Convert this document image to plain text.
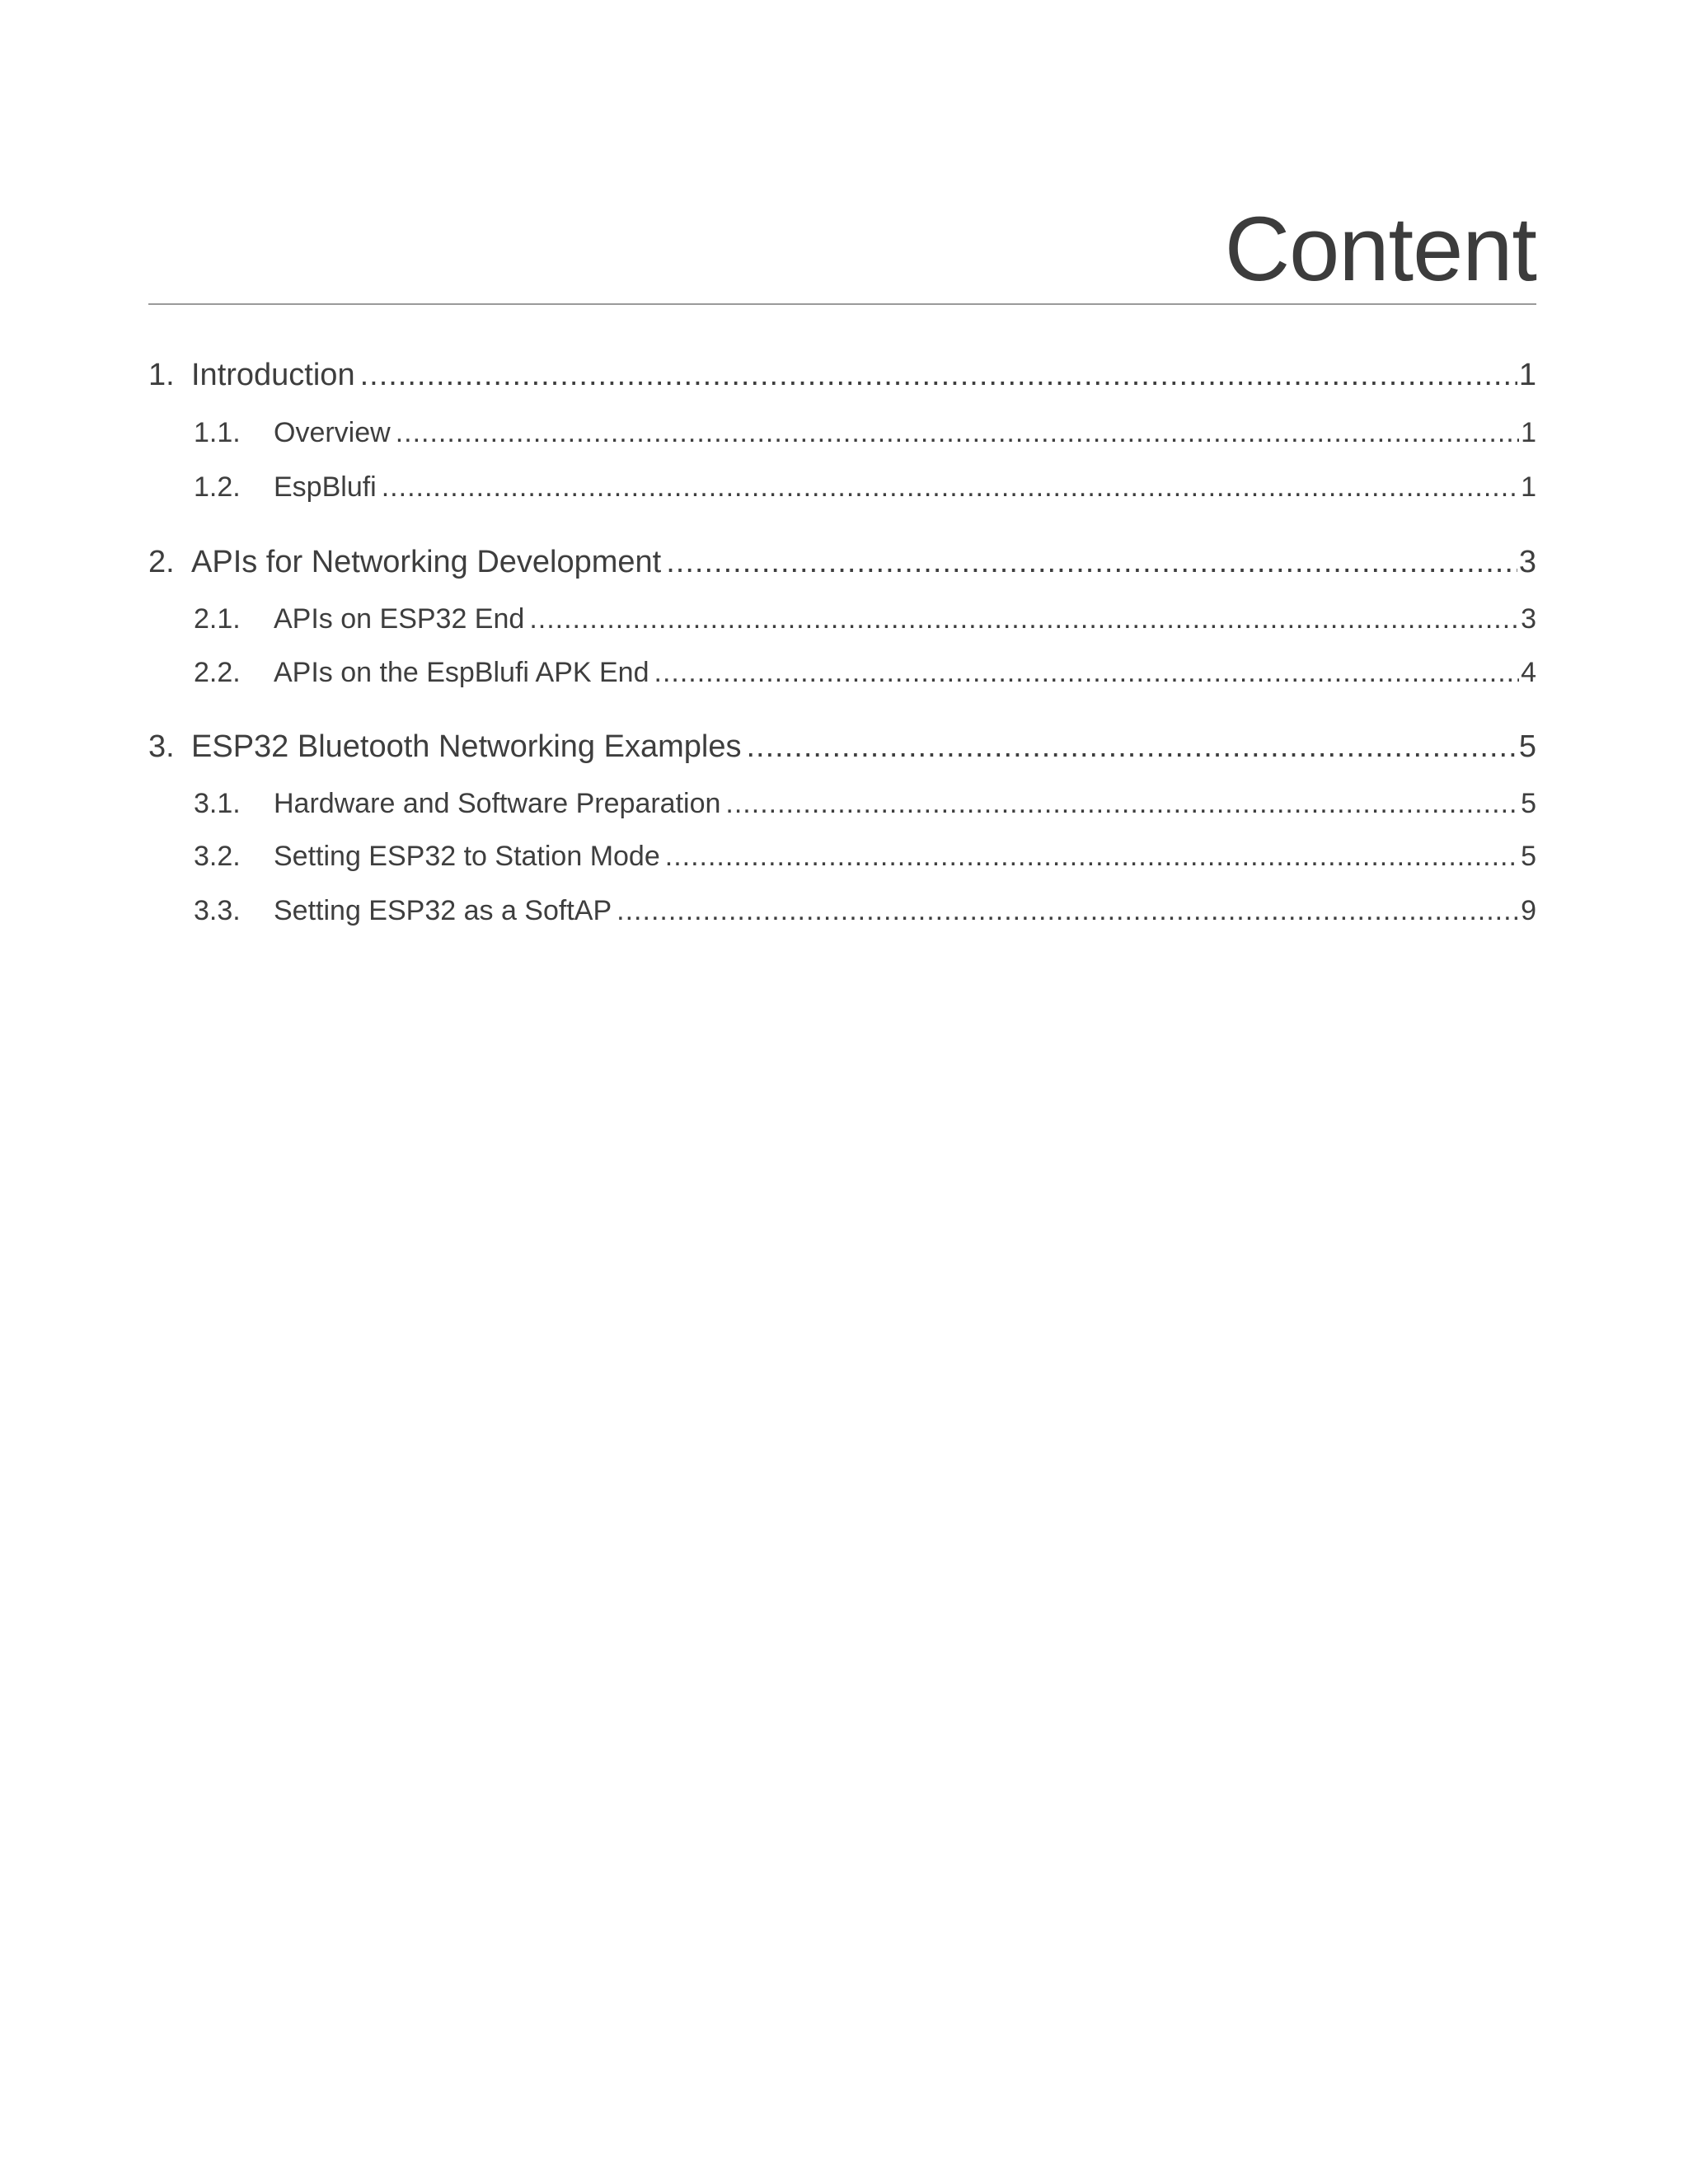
Content
1. Introduction .....	1
1.1.	Overview .....	1
1.2.	EspBlufi .....	1
2. APIs for Networking Development .....	3
2.1.	APIs on ESP32 End .....	3
2.2.	APIs on the EspBlufi APK End .....	4
3. ESP32 Bluetooth Networking Examples .....	5
3.1.	Hardware and Software Preparation .....	5
3.2.	Setting ESP32 to Station Mode .....	5
3.3.	Setting ESP32 as a SoftAP .....	9
